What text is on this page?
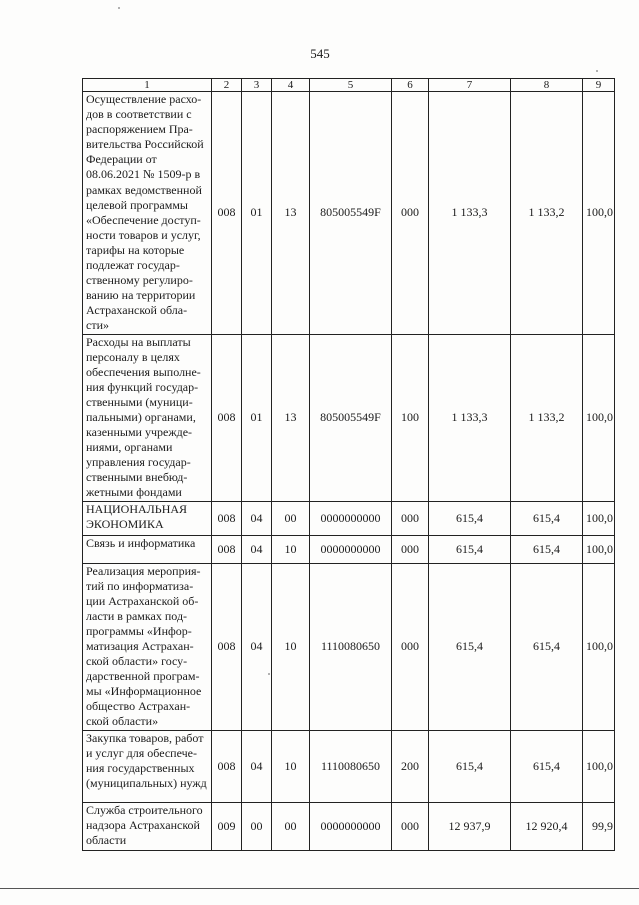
545
1	2	3	4	5	6	7	8	9
Осуществление расхо-дов в соответствии с распоряжением Пра-вительства Российской Федерации от 08.06.2021 № 1509-р в рамках ведомственной целевой программы «Обеспечение доступ-ности товаров и услуг, тарифы на которые подлежат государ-ственному регулиро-ванию на территории Астраханской обла-сти»	008	01	13	805005549F	000	1 133,3	1 133,2	100,0
Расходы на выплаты персоналу в целях обеспечения выполне-ния функций государ-ственными (муници-пальными) органами, казенными учрежде-ниями, органами управления государ-ственными внебюд-жетными фондами	008	01	13	805005549F	100	1 133,3	1 133,2	100,0
НАЦИОНАЛЬНАЯ ЭКОНОМИКА	008	04	00	0000000000	000	615,4	615,4	100,0
Связь и информатика	008	04	10	0000000000	000	615,4	615,4	100,0
Реализация мероприя-тий по информатиза-ции Астраханской об-ласти в рамках под-программы «Инфор-матизация Астрахан-ской области» госу-дарственной програм-мы «Информационное общество Астрахан-ской области»	008	04	10	1110080650	000	615,4	615,4	100,0
Закупка товаров, работ и услуг для обеспече-ния государственных (муниципальных) нужд	008	04	10	1110080650	200	615,4	615,4	100,0
Служба строительного надзора Астраханской области	009	00	00	0000000000	000	12 937,9	12 920,4	99,9
